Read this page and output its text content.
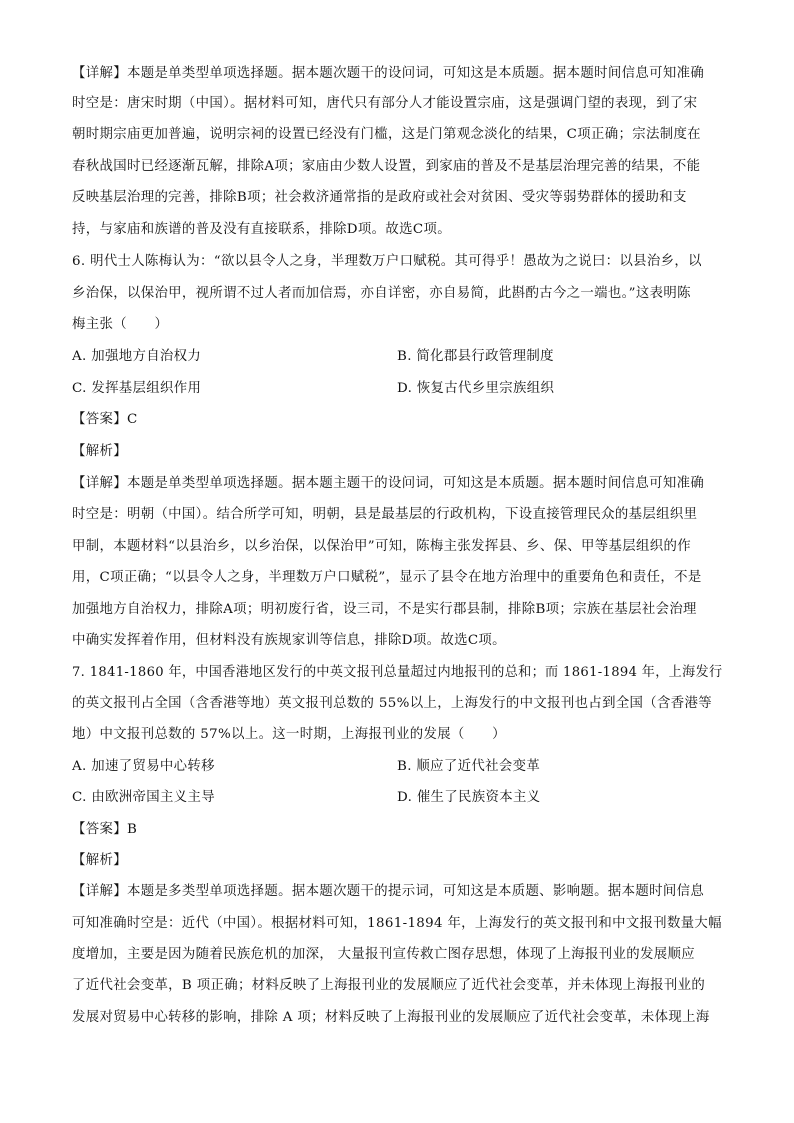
【详解】本题是单类型单项选择题。据本题次题干的设问词，可知这是本质题。据本题时间信息可知准确
时空是：唐宋时期（中国）。据材料可知，唐代只有部分人才能设置宗庙，这是强调门望的表现，到了宋
朝时期宗庙更加普遍，说明宗祠的设置已经没有门槛，这是门第观念淡化的结果，C项正确；宗法制度在
春秋战国时已经逐渐瓦解，排除A项；家庙由少数人设置，到家庙的普及不是基层治理完善的结果，不能
反映基层治理的完善，排除B项；社会救济通常指的是政府或社会对贫困、受灾等弱势群体的援助和支
持，与家庙和族谱的普及没有直接联系，排除D项。故选C项。
6. 明代士人陈梅认为：“欲以县令人之身，半理数万户口赋税。其可得乎！愚故为之说曰：以县治乡，以
乡治保，以保治甲，视所谓不过人者而加信焉，亦自详密，亦自易简，此斟酌古今之一端也。”这表明陈
梅主张（　　）
A. 加强地方自治权力	B. 简化郡县行政管理制度
C. 发挥基层组织作用	D. 恢复古代乡里宗族组织
【答案】C
【解析】
【详解】本题是单类型单项选择题。据本题主题干的设问词，可知这是本质题。据本题时间信息可知准确
时空是：明朝（中国）。结合所学可知，明朝，县是最基层的行政机构，下设直接管理民众的基层组织里
甲制，本题材料“以县治乡，以乡治保，以保治甲”可知，陈梅主张发挥县、乡、保、甲等基层组织的作
用，C项正确；“以县令人之身，半理数万户口赋税”，显示了县令在地方治理中的重要角色和责任，不是
加强地方自治权力，排除A项；明初废行省，设三司，不是实行郡县制，排除B项；宗族在基层社会治理
中确实发挥着作用，但材料没有族规家训等信息，排除D项。故选C项。
7. 1841-1860 年，中国香港地区发行的中英文报刊总量超过内地报刊的总和；而 1861-1894 年，上海发行
的英文报刊占全国（含香港等地）英文报刊总数的 55%以上，上海发行的中文报刊也占到全国（含香港等
地）中文报刊总数的 57%以上。这一时期，上海报刊业的发展（　　）
A. 加速了贸易中心转移	B. 顺应了近代社会变革
C. 由欧洲帝国主义主导	D. 催生了民族资本主义
【答案】B
【解析】
【详解】本题是多类型单项选择题。据本题次题干的提示词，可知这是本质题、影响题。据本题时间信息
可知准确时空是：近代（中国）。根据材料可知，1861-1894 年，上海发行的英文报刊和中文报刊数量大幅
度增加，主要是因为随着民族危机的加深， 大量报刊宣传救亡图存思想，体现了上海报刊业的发展顺应
了近代社会变革，B 项正确；材料反映了上海报刊业的发展顺应了近代社会变革，并未体现上海报刊业的
发展对贸易中心转移的影响，排除 A 项；材料反映了上海报刊业的发展顺应了近代社会变革，未体现上海
